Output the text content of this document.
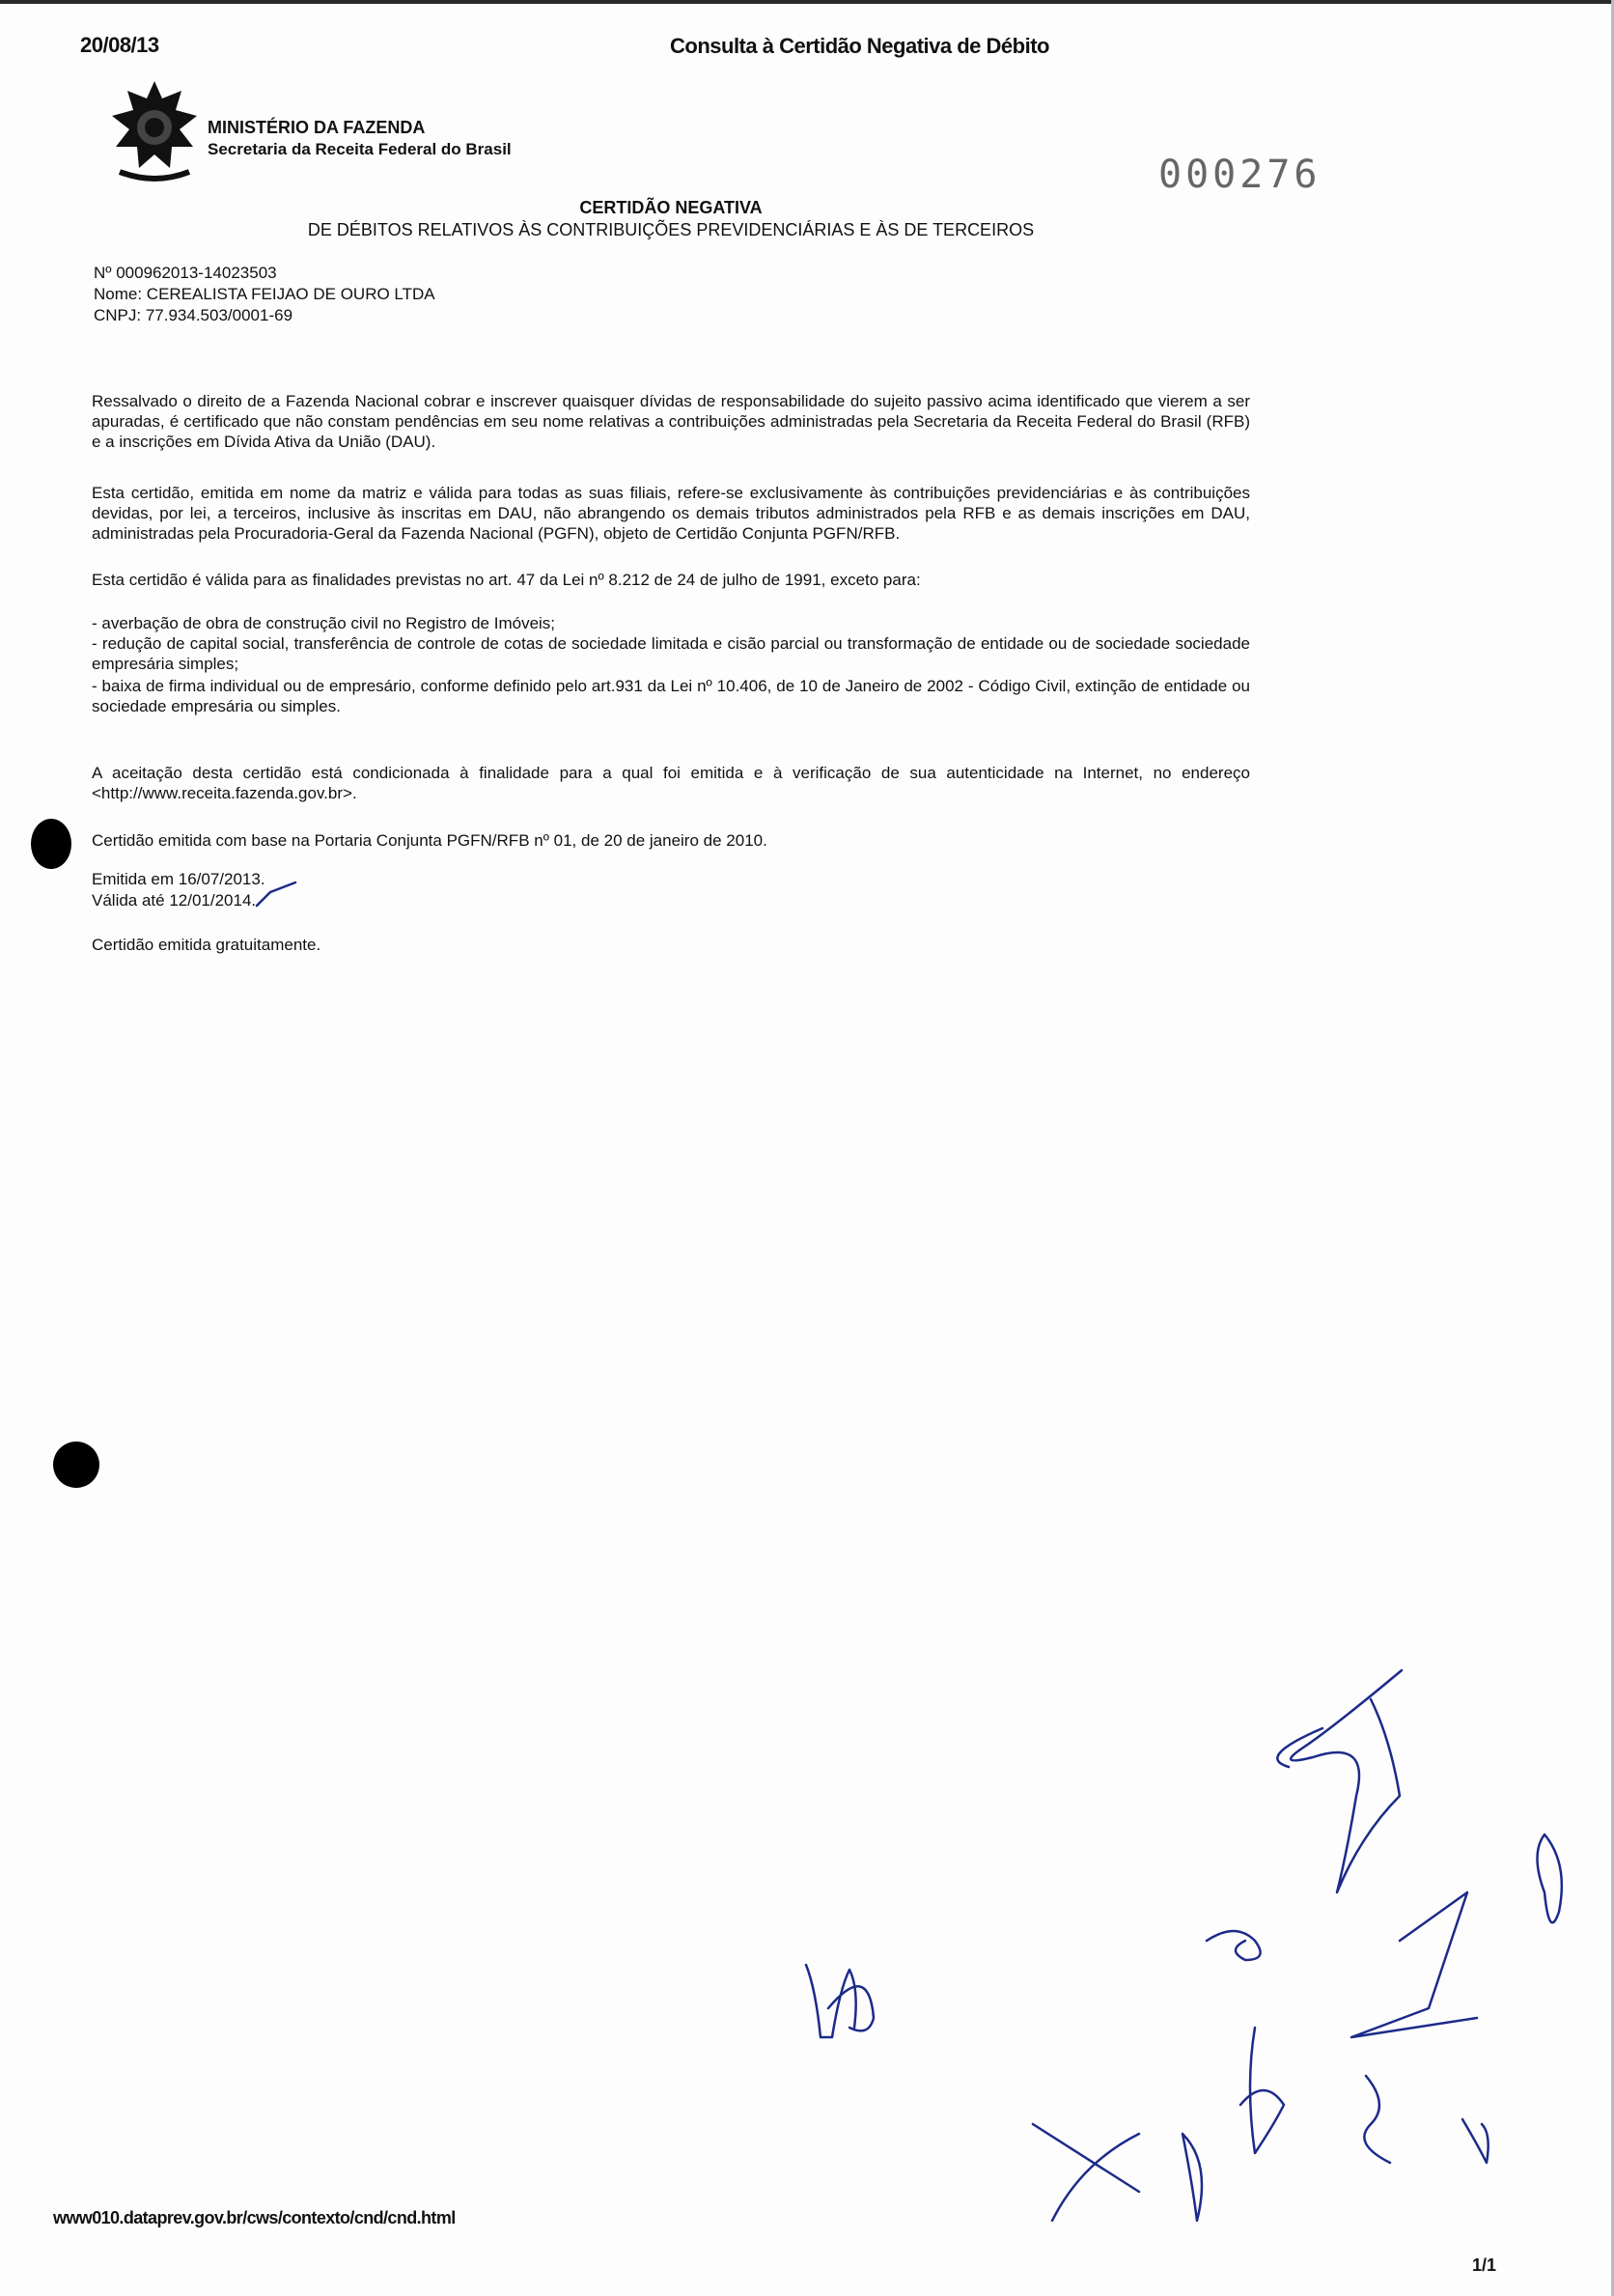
20/08/13	Consulta à Certidão Negativa de Débito
MINISTÉRIO DA FAZENDA
Secretaria da Receita Federal do Brasil
000276
CERTIDÃO NEGATIVA
DE DÉBITOS RELATIVOS ÀS CONTRIBUIÇÕES PREVIDENCIÁRIAS E ÀS DE TERCEIROS
Nº 000962013-14023503
Nome: CEREALISTA FEIJAO DE OURO LTDA
CNPJ: 77.934.503/0001-69
Ressalvado o direito de a Fazenda Nacional cobrar e inscrever quaisquer dívidas de responsabilidade do sujeito passivo acima identificado que vierem a ser apuradas, é certificado que não constam pendências em seu nome relativas a contribuições administradas pela Secretaria da Receita Federal do Brasil (RFB) e a inscrições em Dívida Ativa da União (DAU).
Esta certidão, emitida em nome da matriz e válida para todas as suas filiais, refere-se exclusivamente às contribuições previdenciárias e às contribuições devidas, por lei, a terceiros, inclusive às inscritas em DAU, não abrangendo os demais tributos administrados pela RFB e as demais inscrições em DAU, administradas pela Procuradoria-Geral da Fazenda Nacional (PGFN), objeto de Certidão Conjunta PGFN/RFB.
Esta certidão é válida para as finalidades previstas no art. 47 da Lei nº 8.212 de 24 de julho de 1991, exceto para:
- averbação de obra de construção civil no Registro de Imóveis;
- redução de capital social, transferência de controle de cotas de sociedade limitada e cisão parcial ou transformação de entidade ou de sociedade sociedade empresária simples;
- baixa de firma individual ou de empresário, conforme definido pelo art.931 da Lei nº 10.406, de 10 de Janeiro de 2002 - Código Civil, extinção de entidade ou sociedade empresária ou simples.
A aceitação desta certidão está condicionada à finalidade para a qual foi emitida e à verificação de sua autenticidade na Internet, no endereço <http://www.receita.fazenda.gov.br>.
Certidão emitida com base na Portaria Conjunta PGFN/RFB nº 01, de 20 de janeiro de 2010.
Emitida em 16/07/2013.
Válida até 12/01/2014.
Certidão emitida gratuitamente.
www010.dataprev.gov.br/cws/contexto/cnd/cnd.html
1/1
